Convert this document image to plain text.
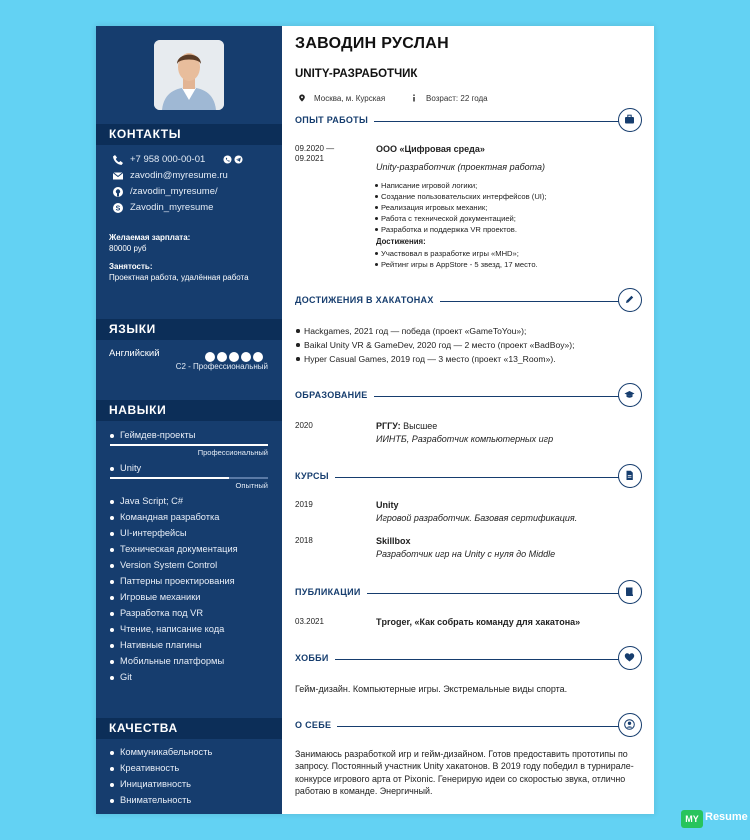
КОНТАКТЫ
+7 958 000-00-01
zavodin@myresume.ru
/zavodin_myresume/
S Zavodin_myresume
Желаемая зарплата:
80000 руб
Занятость:
Проектная работа, удалённая работа
ЯЗЫКИ
Английский
C2 - Профессиональный
НАВЫКИ
Геймдев-проекты
Профессиональный
Unity
Опытный
Java Script; C#
Командная разработка
UI-интерфейсы
Техническая документация
Version System Control
Паттерны проектирования
Игровые механики
Разработка под VR
Чтение, написание кода
Нативные плагины
Мобильные платформы
Git
КАЧЕСТВА
Коммуникабельность
Креативность
Инициативность
Внимательность
ЗАВОДИН РУСЛАН
UNITY-РАЗРАБОТЧИК
Москва, м. Курская	Возраст: 22 года
ОПЫТ РАБОТЫ
09.2020 —
09.2021
ООО «Цифровая среда»
Unity-разработчик (проектная работа)
Написание игровой логики;
Создание пользовательских интерфейсов (UI);
Реализация игровых механик;
Работа с технической документацией;
Разработка и поддержка VR проектов.
Достижения:
Участвовал в разработке игры «MHD»;
Рейтинг игры в AppStore - 5 звезд, 17 место.
ДОСТИЖЕНИЯ В ХАКАТОНАХ
Hackgames, 2021 год — победа (проект «GameToYou»);
Baikal Unity VR & GameDev, 2020 год — 2 место (проект «BadBoy»);
Hyper Casual Games, 2019 год — 3 место (проект «13_Room»).
ОБРАЗОВАНИЕ
2020	РГГУ: Высшее
ИИНТБ, Разработчик компьютерных игр
КУРСЫ
2019	Unity
Игровой разработчик. Базовая сертификация.
2018	Skillbox
Разработчик игр на Unity с нуля до Middle
ПУБЛИКАЦИИ
03.2021	Tproger, «Как собрать команду для хакатона»
ХОББИ
Гейм-дизайн. Компьютерные игры. Экстремальные виды спорта.
О СЕБЕ
Занимаюсь разработкой игр и гейм-дизайном. Готов предоставить прототипы по запросу. Постоянный участник Unity хакатонов. В 2019 году победил в турнирале-конкурсе игрового арта от Pixonic. Генерирую идеи со скоростью звука, отлично работаю в команде. Энергичный.
MY Resume
